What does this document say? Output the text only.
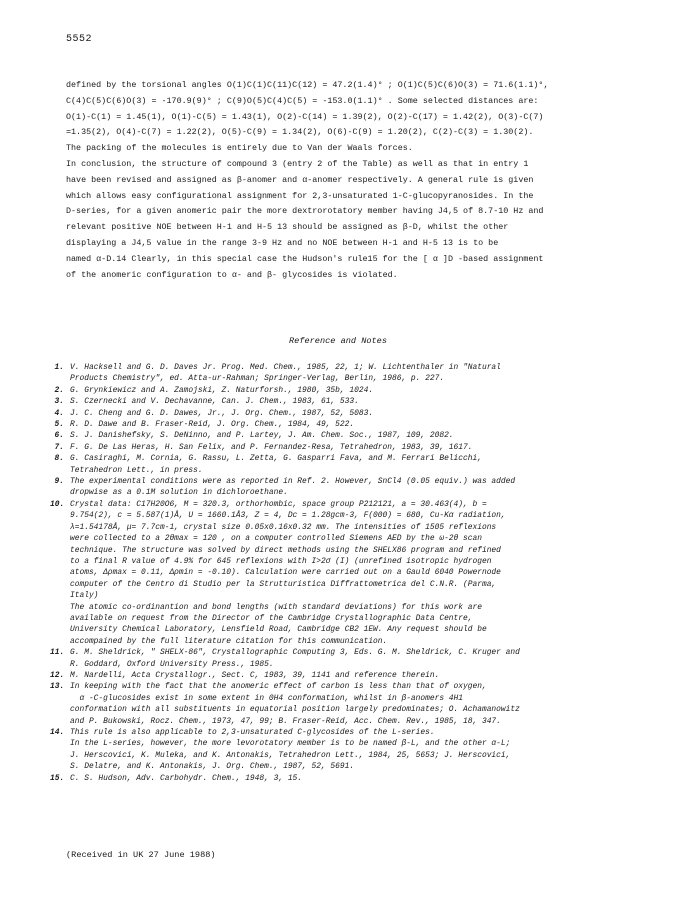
5552
defined by the torsional angles O(1)C(1)C(11)C(12) = 47.2(1.4)° ; O(1)C(5)C(6)O(3) = 71.6(1.1)°,
C(4)C(5)C(6)O(3) = -170.9(9)° ; C(9)O(5)C(4)C(5) = -153.0(1.1)° . Some selected distances are:
O(1)-C(1) = 1.45(1), O(1)-C(5) = 1.43(1), O(2)-C(14) = 1.39(2), O(2)-C(17) = 1.42(2), O(3)-C(7)
=1.35(2), O(4)-C(7) = 1.22(2), O(5)-C(9) = 1.34(2), O(6)-C(9) = 1.20(2), C(2)-C(3) = 1.30(2).
The packing of the molecules is entirely due to Van der Waals forces.
In conclusion, the structure of compound 3 (entry 2 of the Table) as well as that in entry 1
have been revised and assigned as β-anomer and α-anomer respectively. A general rule is given
which allows easy configurational assignment for 2,3-unsaturated 1-C-glucopyranosides. In the
D-series, for a given anomeric pair the more dextrorotatory member having J4,5 of 8.7-10 Hz and
relevant positive NOE between H-1 and H-5 13 should be assigned as β-D, whilst the other
displaying a J4,5 value in the range 3-9 Hz and no NOE between H-1 and H-5 13 is to be
named α-D.14 Clearly, in this special case the Hudson's rule15 for the [ α ]D -based assignment
of the anomeric configuration to α- and β- glycosides is violated.
Reference and Notes
1. V. Hacksell and G. D. Daves Jr. Prog. Med. Chem., 1985, 22, 1; W. Lichtenthaler in "Natural
Products Chemistry", ed. Atta-ur-Rahman; Springer-Verlag, Berlin, 1986, p. 227.
2. G. Grynkiewicz and A. Zamojski, Z. Naturforsh., 1980, 35b, 1024.
3. S. Czernecki and V. Dechavanne, Can. J. Chem., 1983, 61, 533.
4. J. C. Cheng and G. D. Dawes, Jr., J. Org. Chem., 1987, 52, 5083.
5. R. D. Dawe and B. Fraser-Reid, J. Org. Chem., 1984, 49, 522.
6. S. J. Danishefsky, S. DeNinno, and P. Lartey, J. Am. Chem. Soc., 1987, 109, 2082.
7. F. G. De Las Heras, H. San Felix, and P. Fernandez-Resa, Tetrahedron, 1983, 39, 1617.
8. G. Casiraghi, M. Cornia, G. Rassu, L. Zetta, G. Gasparri Fava, and M. Ferrari Belicchi,
Tetrahedron Lett., in press.
9. The experimental conditions were as reported in Ref. 2. However, SnCl4 (0.05 equiv.) was added
dropwise as a 0.1M solution in dichloroethane.
10. Crystal data: C17H20O6, M = 320.3, orthorhombic, space group P212121, a = 30.463(4), b =
9.754(2), c = 5.587(1)Å, U = 1660.1Å3, Z = 4, Dc = 1.28gcm-3, F(000) = 680, Cu-Kα radiation,
λ=1.54178Å, μ= 7.7cm-1, crystal size 0.05x0.16x0.32 mm. The intensities of 1505 reflexions
were collected to a 2θmax = 120 , on a computer controlled Siemens AED by the ω-2θ scan
technique. The structure was solved by direct methods using the SHELX86 program and refined
to a final R value of 4.9% for 645 reflexions with I>2σ (I) (unrefined isotropic hydrogen
atoms, Δρmax = 0.11, Δρmin = -0.10). Calculation were carried out on a Gauld 6040 Powernode
computer of the Centro di Studio per la Strutturistica Diffrattometrica del C.N.R. (Parma,
Italy)
The atomic co-ordinantion and bond lengths (with standard deviations) for this work are
available on request from the Director of the Cambridge Crystallographic Data Centre,
University Chemical Laboratory, Lensfield Road, Cambridge CB2 1EW. Any request should be
accompained by the full literature citation for this communication.
11. G. M. Sheldrick, " SHELX-86", Crystallographic Computing 3, Eds. G. M. Sheldrick, C. Kruger and
R. Goddard, Oxford University Press., 1985.
12. M. Nardelli, Acta Crystallogr., Sect. C, 1983, 39, 1141 and reference therein.
13. In keeping with the fact that the anomeric effect of carbon is less than that of oxygen,
α -C-glucosides exist in some extent in 0H4 conformation, whilst in β-anomers 4H1
conformation with all substituents in equatorial position largely predominates; O. Achamanowitz
and P. Bukowski, Rocz. Chem., 1973, 47, 99; B. Fraser-Reid, Acc. Chem. Rev., 1985, 18, 347.
14. This rule is also applicable to 2,3-unsaturated C-glycosides of the L-series.
In the L-series, however, the more levorotatory member is to be named β-L, and the other α-L;
J. Herscovici, K. Muleka, and K. Antonakis, Tetrahedron Lett., 1984, 25, 5653; J. Herscovici,
S. Delatre, and K. Antonakis, J. Org. Chem., 1987, 52, 5691.
15. C. S. Hudson, Adv. Carbohydr. Chem., 1948, 3, 15.
(Received in UK 27 June 1988)
